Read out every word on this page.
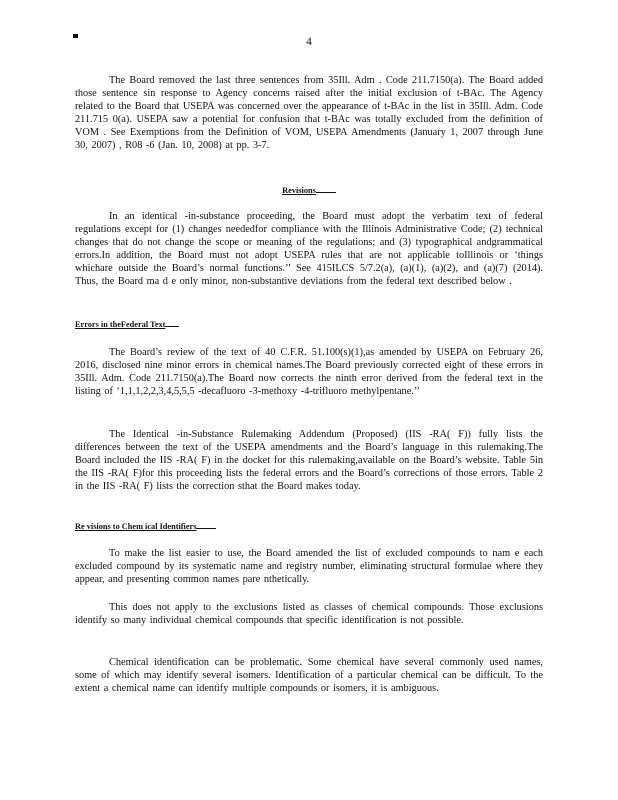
4

The Board removed the last three sentences from 35Ill. Adm . Code 211.7150(a). The Board added those sentence sin response to Agency concerns raised after the initial exclusion of t-BAc. The Agency related to the Board that USEPA was concerned over the appearance of t-BAc in the list in 35Ill. Adm. Code 211.715 0(a). USEPA saw a potential for confusion that t-BAc was totally excluded from the definition of VOM . See Exemptions from the Definition of VOM, USEPA Amendments (January 1, 2007 through June 30, 2007) , R08 -6 (Jan. 10, 2008) at pp. 3-7.

Revisions

In an identical -in-substance proceeding, the Board must adopt the verbatim text of federal regulations except for (1) changes neededfor compliance with the Illinois Administrative Code; (2) technical changes that do not change the scope or meaning of the regulations; and (3) typographical andgrammatical errors.In addition, the Board must not adopt USEPA rules that are not applicable toIllinois or ‘things whichare outside the Board’s normal functions.’’ See 415ILCS 5/7.2(a), (a)(1), (a)(2), and (a)(7) (2014). Thus, the Board ma d e only minor, non-substantive deviations from the federal text described below .

Errors in theFederal Text

The Board’s review of the text of 40 C.F.R. 51.100(s)(1),as amended by USEPA on February 26, 2016, disclosed nine minor errors in chemical names.The Board previously corrected eight of these errors in 35Ill. Adm. Code 211.7150(a).The Board now corrects the ninth error derived from the federal text in the listing of ‘1,1,1,2,2,3,4,5,5,5 -decafluoro -3-methoxy -4-trifluoro methylpentane.’’

The Identical -in-Substance Rulemaking Addendum (Proposed) (IIS -RA( F)) fully lists the differences between the text of the USEPA amendments and the Board’s language in this rulemaking.The Board included the IIS -RA( F) in the docket for this rulemaking,available on the Board’s website. Table 5in the IIS -RA( F)for this proceeding lists the federal errors and the Board’s corrections of those errors. Table 2 in the IIS -RA( F) lists the correction sthat the Board makes today.

Re visions to Chem ical Identifiers

To make the list easier to use, the Board amended the list of excluded compounds to nam e each excluded compound by its systematic name and registry number, eliminating structural formulae where they appear, and presenting common names pare nthetically.

This does not apply to the exclusions listed as classes of chemical compounds. Those exclusions identify so many individual chemical compounds that specific identification is not possible.

Chemical identification can be problematic. Some chemical have several commonly used names, some of which may identify several isomers. Identification of a particular chemical can be difficult. To the extent a chemical name can identify multiple compounds or isomers, it is ambiguous.
